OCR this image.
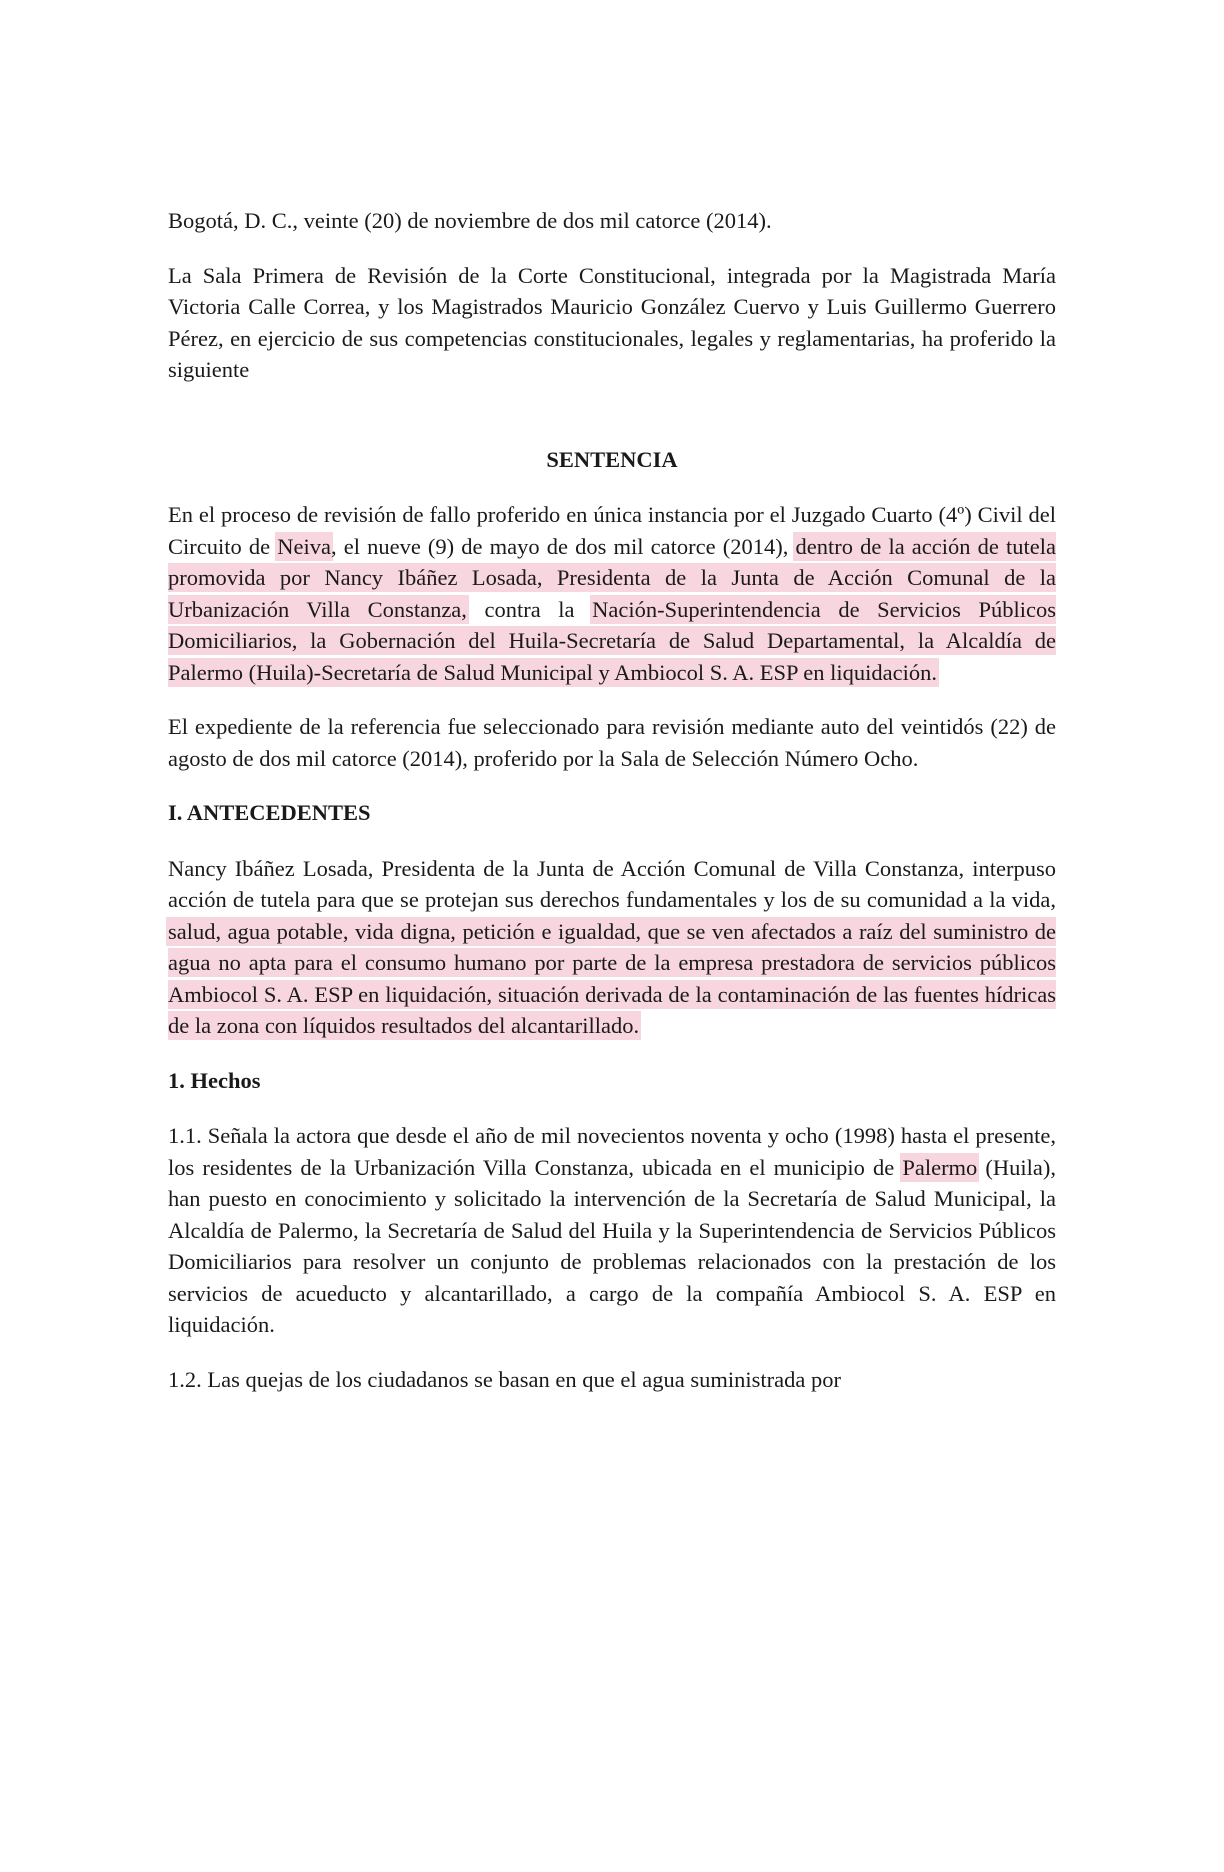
Bogotá, D. C., veinte (20) de noviembre de dos mil catorce (2014).

La Sala Primera de Revisión de la Corte Constitucional, integrada por la Magistrada María Victoria Calle Correa, y los Magistrados Mauricio González Cuervo y Luis Guillermo Guerrero Pérez, en ejercicio de sus competencias constitucionales, legales y reglamentarias, ha proferido la siguiente

SENTENCIA

En el proceso de revisión de fallo proferido en única instancia por el Juzgado Cuarto (4º) Civil del Circuito de Neiva, el nueve (9) de mayo de dos mil catorce (2014), dentro de la acción de tutela promovida por Nancy Ibáñez Losada, Presidenta de la Junta de Acción Comunal de la Urbanización Villa Constanza, contra la Nación-Superintendencia de Servicios Públicos Domiciliarios, la Gobernación del Huila-Secretaría de Salud Departamental, la Alcaldía de Palermo (Huila)-Secretaría de Salud Municipal y Ambiocol S. A. ESP en liquidación.

El expediente de la referencia fue seleccionado para revisión mediante auto del veintidós (22) de agosto de dos mil catorce (2014), proferido por la Sala de Selección Número Ocho.

I. ANTECEDENTES

Nancy Ibáñez Losada, Presidenta de la Junta de Acción Comunal de Villa Constanza, interpuso acción de tutela para que se protejan sus derechos fundamentales y los de su comunidad a la vida, salud, agua potable, vida digna, petición e igualdad, que se ven afectados a raíz del suministro de agua no apta para el consumo humano por parte de la empresa prestadora de servicios públicos Ambiocol S. A. ESP en liquidación, situación derivada de la contaminación de las fuentes hídricas de la zona con líquidos resultados del alcantarillado.

1. Hechos

1.1. Señala la actora que desde el año de mil novecientos noventa y ocho (1998) hasta el presente, los residentes de la Urbanización Villa Constanza, ubicada en el municipio de Palermo (Huila), han puesto en conocimiento y solicitado la intervención de la Secretaría de Salud Municipal, la Alcaldía de Palermo, la Secretaría de Salud del Huila y la Superintendencia de Servicios Públicos Domiciliarios para resolver un conjunto de problemas relacionados con la prestación de los servicios de acueducto y alcantarillado, a cargo de la compañía Ambiocol S. A. ESP en liquidación.

1.2. Las quejas de los ciudadanos se basan en que el agua suministrada por
